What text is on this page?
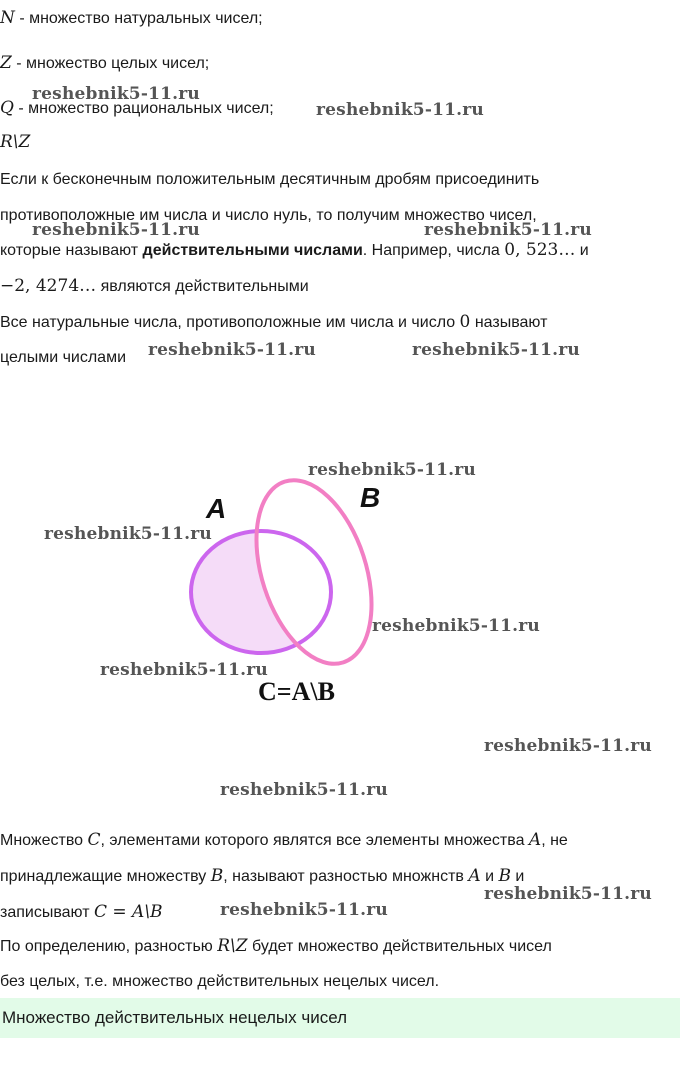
N - множество натуральных чисел;
Z - множество целых чисел;
Q - множество рациональных чисел;
R\Z
Если к бесконечным положительным десятичным дробям присоединить
противоположные им числа и число нуль, то получим множество чисел,
которые называют действительными числами. Например, числа 0, 523… и
−2, 4274… являются действительными
Все натуральные числа, противоположные им числа и число 0 называют
целыми числами
A	B
C=A\B
Множество C, элементами которого являтся все элементы множества A, не
принадлежащие множеству B, называют разностью множнств A и B и
записывают C = A\B
По определению, разностью R\Z будет множество действительных чисел
без целых, т.е. множество действительных нецелых чисел.
Множество действительных нецелых чисел
reshebnik5-11.ru
reshebnik5-11.ru
reshebnik5-11.ru	reshebnik5-11.ru
reshebnik5-11.ru	reshebnik5-11.ru
reshebnik5-11.ru
reshebnik5-11.ru
reshebnik5-11.ru
reshebnik5-11.ru
reshebnik5-11.ru
reshebnik5-11.ru
reshebnik5-11.ru
reshebnik5-11.ru
